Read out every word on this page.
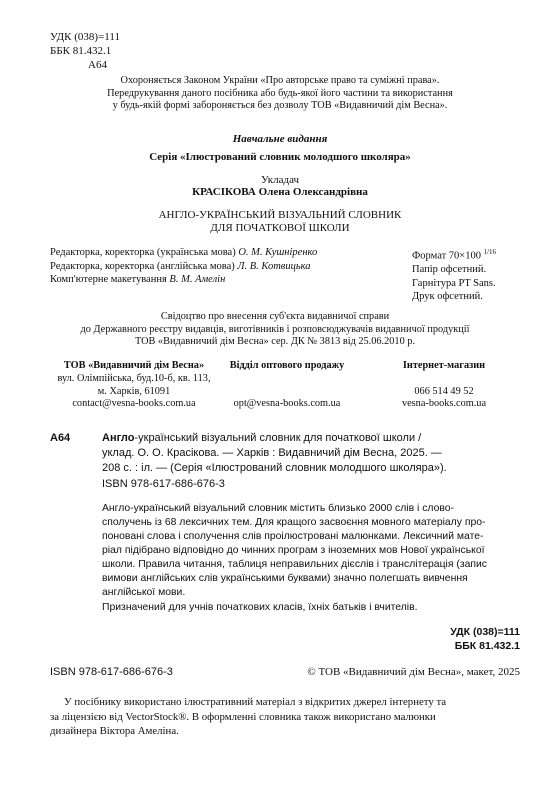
УДК (038)=111
ББК 81.432.1
А64
Охороняється Законом України «Про авторське право та суміжні права».
Передрукування даного посібника або будь-якої його частини та використання
у будь-якій формі забороняється без дозволу ТОВ «Видавничий дім Весна».
Навчальне видання
Серія «Ілюстрований словник молодшого школяра»
Укладач
КРАСІКОВА Олена Олександрівна
АНГЛО-УКРАЇНСЬКИЙ ВІЗУАЛЬНИЙ СЛОВНИК
ДЛЯ ПОЧАТКОВОЇ ШКОЛИ
Редакторка, коректорка (українська мова) О. М. Кушніренко
Редакторка, коректорка (англійська мова) Л. В. Котвицька
Комп'ютерне макетування В. М. Амелін
Формат 70×100 $^{1/16}$
Папір офсетний.
Гарнітура PT Sans.
Друк офсетний.
Свідоцтво про внесення суб'єкта видавничої справи
до Державного реєстру видавців, виготівників і розповсюджувачів видавничої продукції
ТОВ «Видавничий дім Весна» сер. ДК № 3813 від 25.06.2010 р.
ТОВ «Видавничий дім Весна»
вул. Олімпійська, буд.10-б, кв. 113,
м. Харків, 61091
contact@vesna-books.com.ua
Відділ оптового продажу
opt@vesna-books.com.ua
Інтернет-магазин
066 514 49 52
vesna-books.com.ua
А64	Англо-український візуальний словник для початкової школи /
уклад. О. О. Красікова. — Харків : Видавничий дім Весна, 2025. —
208 с. : іл. — (Серія «Ілюстрований словник молодшого школяра»).
ISBN 978-617-686-676-3
Англо-український візуальний словник містить близько 2000 слів і слово-
сполучень із 68 лексичних тем. Для кращого засвоєння мовного матеріалу про-
поновані слова і сполучення слів проілюстровані малюнками. Лексичний мате-
ріал підібрано відповідно до чинних програм з іноземних мов Нової української
школи. Правила читання, таблиця неправильних дієслів і транслітерація (запис
вимови англійських слів українськими буквами) значно полегшать вивчення
англійської мови.
Призначений для учнів початкових класів, їхніх батьків і вчителів.
УДК (038)=111
ББК 81.432.1
ISBN 978-617-686-676-3	© ТОВ «Видавничий дім Весна», макет, 2025
У посібнику використано ілюстративний матеріал з відкритих джерел інтернету та
за ліцензією від VectorStock®. В оформленні словника також використано малюнки
дизайнера Віктора Амеліна.
